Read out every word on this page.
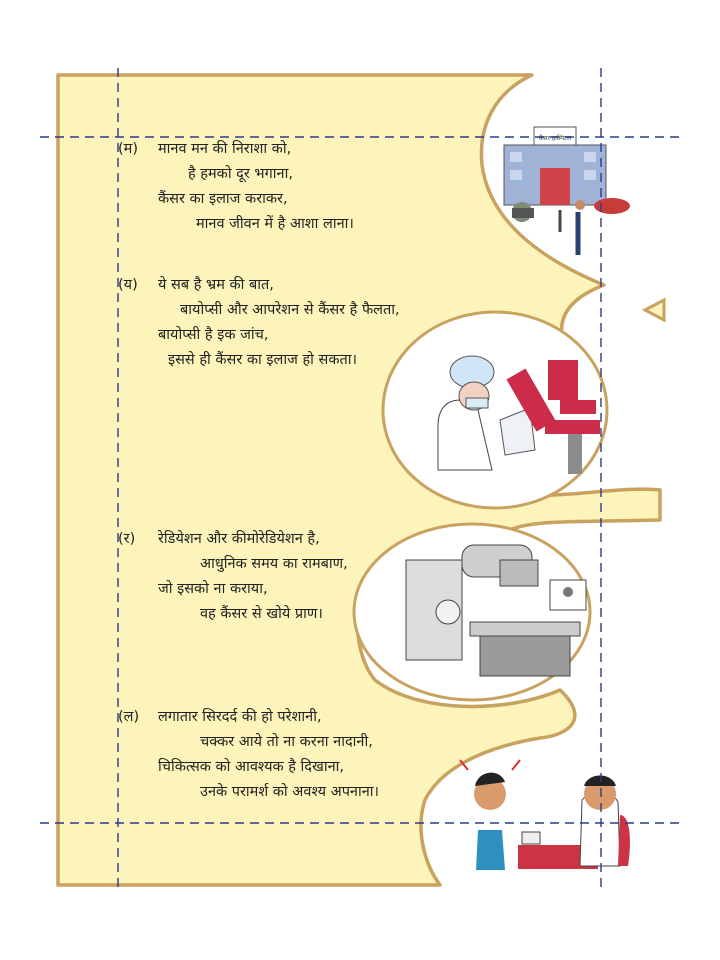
कैंसर हास्पिटल
(म) मानव मन की निराशा को,
है हमको दूर भगाना,
कैंसर का इलाज कराकर,
मानव जीवन में है आशा लाना।
(य) ये सब है भ्रम की बात,
बायोप्सी और आपरेशन से कैंसर है फैलता,
बायोप्सी है इक जांच,
इससे ही कैंसर का इलाज हो सकता।
(र) रेडियेशन और कीमोरेडियेशन है,
आधुनिक समय का रामबाण,
जो इसको ना कराया,
वह कैंसर से खोये प्राण।
(ल) लगातार सिरदर्द की हो परेशानी,
चक्कर आये तो ना करना नादानी,
चिकित्सक को आवश्यक है दिखाना,
उनके परामर्श को अवश्य अपनाना।
